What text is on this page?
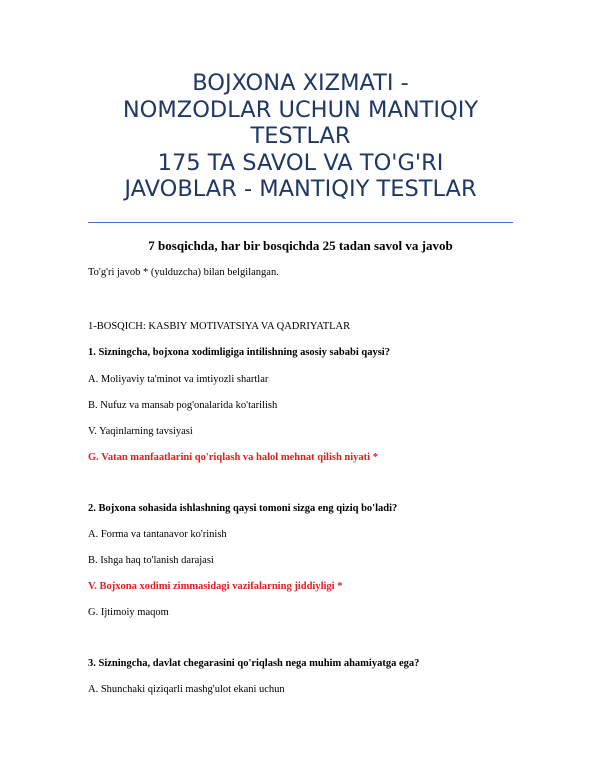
BOJXONA XIZMATI -
NOMZODLAR UCHUN MANTIQIY
TESTLAR
175 TA SAVOL VA TO'G'RI
JAVOBLAR - MANTIQIY TESTLAR
7 bosqichda, har bir bosqichda 25 tadan savol va javob
To'g'ri javob * (yulduzcha) bilan belgilangan.
1-BOSQICH: KASBIY MOTIVATSIYA VA QADRIYATLAR
1. Sizningcha, bojxona xodimligiga intilishning asosiy sababi qaysi?
A. Moliyaviy ta'minot va imtiyozli shartlar
B. Nufuz va mansab pog'onalarida ko'tarilish
V. Yaqinlarning tavsiyasi
G. Vatan manfaatlarini qo'riqlash va halol mehnat qilish niyati *
2. Bojxona sohasida ishlashning qaysi tomoni sizga eng qiziq bo'ladi?
A. Forma va tantanavor ko'rinish
B. Ishga haq to'lanish darajasi
V. Bojxona xodimi zimmasidagi vazifalarning jiddiyligi *
G. Ijtimoiy maqom
3. Sizningcha, davlat chegarasini qo'riqlash nega muhim ahamiyatga ega?
A. Shunchaki qiziqarli mashg'ulot ekani uchun
